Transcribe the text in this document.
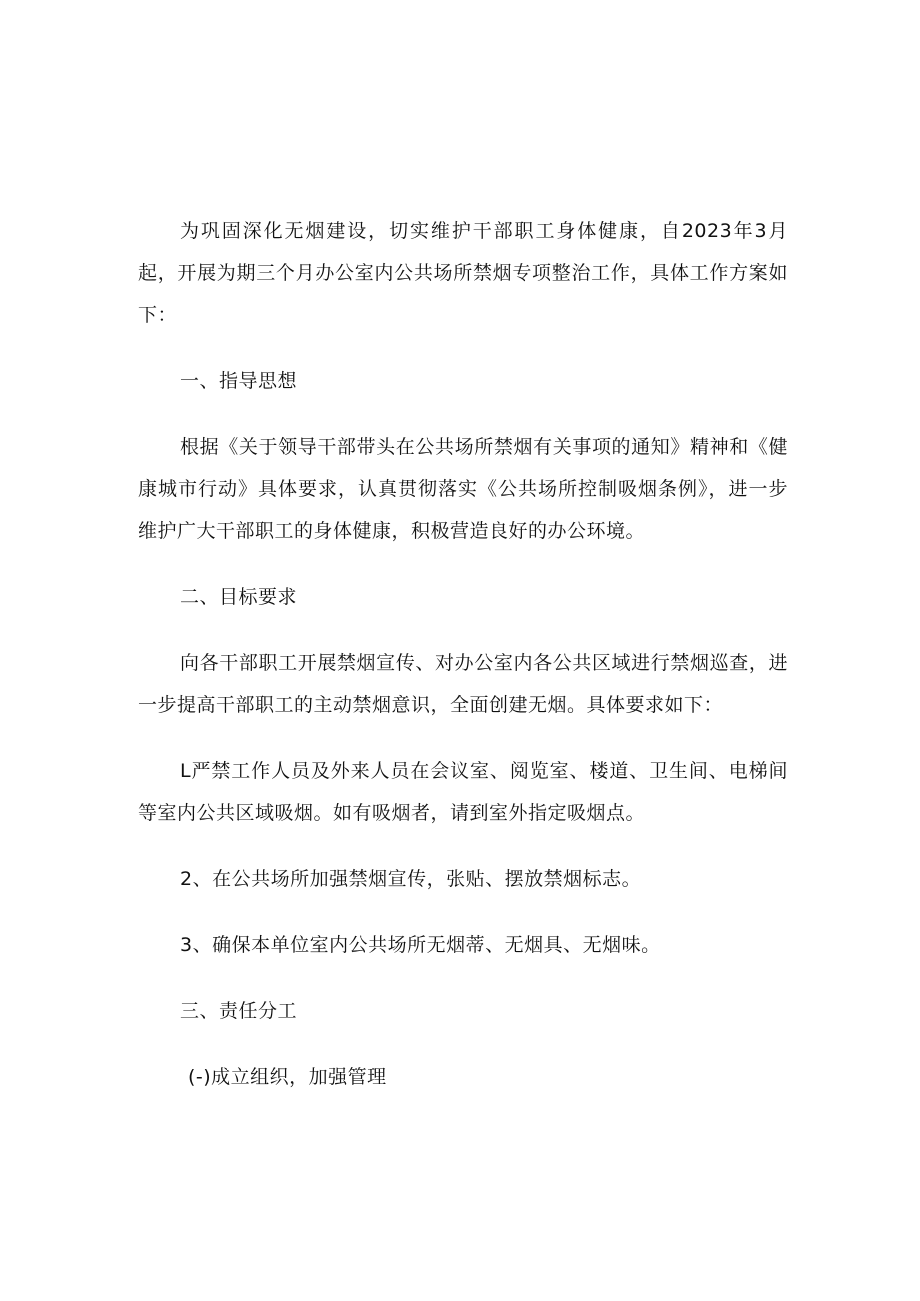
为巩固深化无烟建设，切实维护干部职工身体健康，自2023年3月起，开展为期三个月办公室内公共场所禁烟专项整治工作，具体工作方案如下：

一、指导思想

根据《关于领导干部带头在公共场所禁烟有关事项的通知》精神和《健康城市行动》具体要求，认真贯彻落实《公共场所控制吸烟条例》，进一步维护广大干部职工的身体健康，积极营造良好的办公环境。

二、目标要求

向各干部职工开展禁烟宣传、对办公室内各公共区域进行禁烟巡查，进一步提高干部职工的主动禁烟意识，全面创建无烟。具体要求如下：

L严禁工作人员及外来人员在会议室、阅览室、楼道、卫生间、电梯间等室内公共区域吸烟。如有吸烟者，请到室外指定吸烟点。

2、在公共场所加强禁烟宣传，张贴、摆放禁烟标志。

3、确保本单位室内公共场所无烟蒂、无烟具、无烟味。

三、责任分工

(-)成立组织，加强管理
